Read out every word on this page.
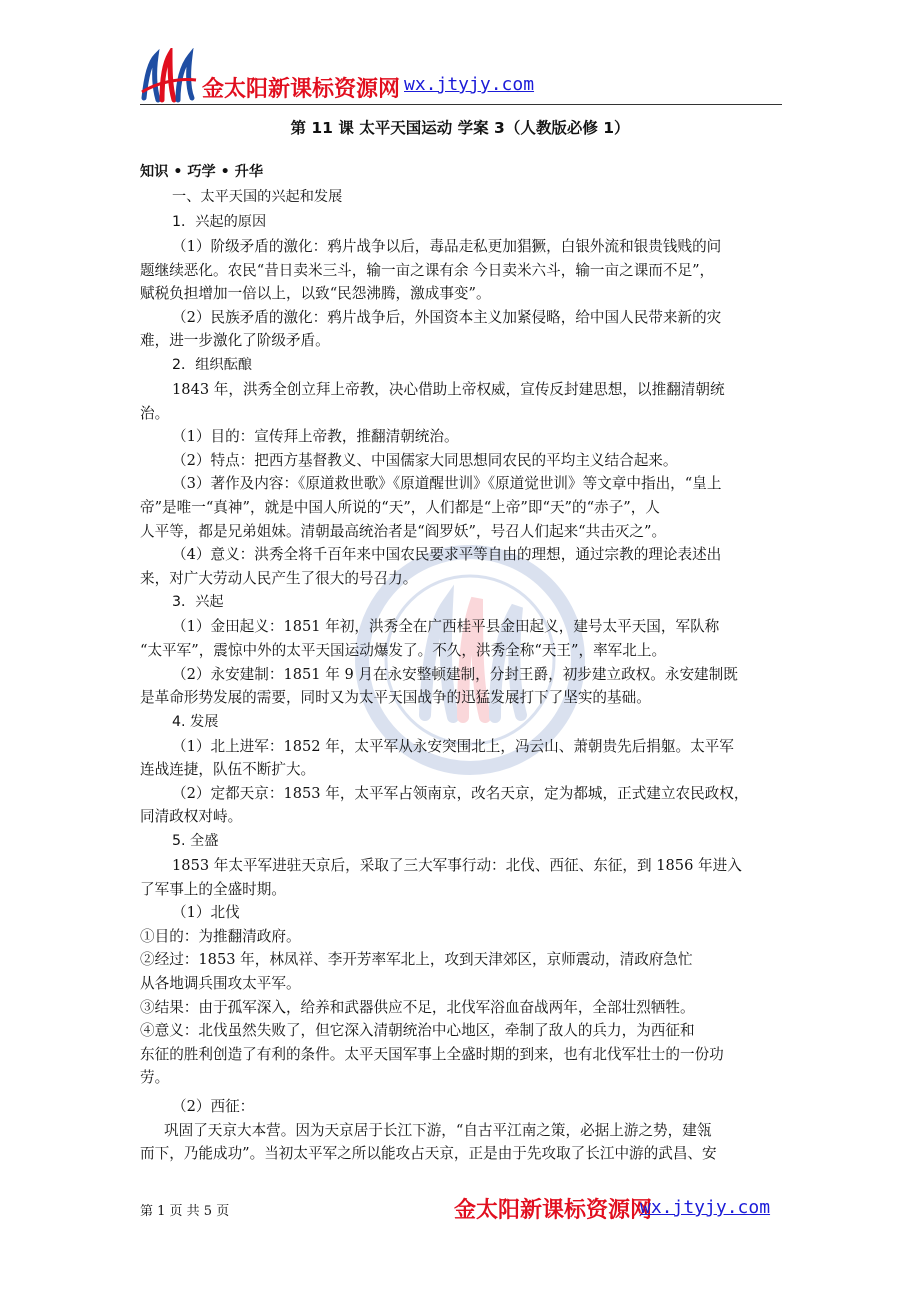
金太阳新课标资源网 wx.jtyjy.com
第 11 课 太平天国运动 学案 3（人教版必修 1）

知识 • 巧学 • 升华

一、太平天国的兴起和发展

1．兴起的原因

（1）阶级矛盾的激化：鸦片战争以后，毒品走私更加猖獗，白银外流和银贵钱贱的问

题继续恶化。农民“昔日卖米三斗，输一亩之课有余 今日卖米六斗，输一亩之课而不足”，

赋税负担增加一倍以上，以致“民怨沸腾，激成事变”。

（2）民族矛盾的激化：鸦片战争后，外国资本主义加紧侵略，给中国人民带来新的灾

难，进一步激化了阶级矛盾。

2．组织酝酿

1843 年，洪秀全创立拜上帝教，决心借助上帝权威，宣传反封建思想，以推翻清朝统

治。

（1）目的：宣传拜上帝教，推翻清朝统治。

（2）特点：把西方基督教义、中国儒家大同思想同农民的平均主义结合起来。

（3）著作及内容：《原道救世歌》《原道醒世训》《原道觉世训》等文章中指出，“皇上

帝”是唯一“真神”，就是中国人所说的“天”，人们都是“上帝”即“天”的“赤子”，人

人平等，都是兄弟姐妹。清朝最高统治者是“阎罗妖”，号召人们起来“共击灭之”。

（4）意义：洪秀全将千百年来中国农民要求平等自由的理想，通过宗教的理论表述出

来，对广大劳动人民产生了很大的号召力。

3．兴起

（1）金田起义：1851 年初，洪秀全在广西桂平县金田起义，建号太平天国，军队称

“太平军”，震惊中外的太平天国运动爆发了。不久，洪秀全称“天王”，率军北上。

（2）永安建制：1851 年 9 月在永安整顿建制，分封王爵，初步建立政权。永安建制既

是革命形势发展的需要，同时又为太平天国战争的迅猛发展打下了坚实的基础。

4. 发展

（1）北上进军：1852 年，太平军从永安突围北上，冯云山、萧朝贵先后捐躯。太平军

连战连捷，队伍不断扩大。

（2）定都天京：1853 年，太平军占领南京，改名天京，定为都城，正式建立农民政权，

同清政权对峙。

5. 全盛

1853 年太平军进驻天京后，采取了三大军事行动：北伐、西征、东征，到 1856 年进入

了军事上的全盛时期。

（1）北伐

①目的：为推翻清政府。

②经过：1853 年，林凤祥、李开芳率军北上，攻到天津郊区，京师震动，清政府急忙

从各地调兵围攻太平军。

③结果：由于孤军深入，给养和武器供应不足，北伐军浴血奋战两年，全部壮烈牺牲。

④意义：北伐虽然失败了，但它深入清朝统治中心地区，牵制了敌人的兵力，为西征和

东征的胜利创造了有利的条件。太平天国军事上全盛时期的到来，也有北伐军壮士的一份功

劳。

（2）西征：

巩固了天京大本营。因为天京居于长江下游，“自古平江南之策，必据上游之势，建瓴

而下，乃能成功”。当初太平军之所以能攻占天京，正是由于先攻取了长江中游的武昌、安

第 1 页 共 5 页	金太阳新课标资源网
wx.jtyjy.com
